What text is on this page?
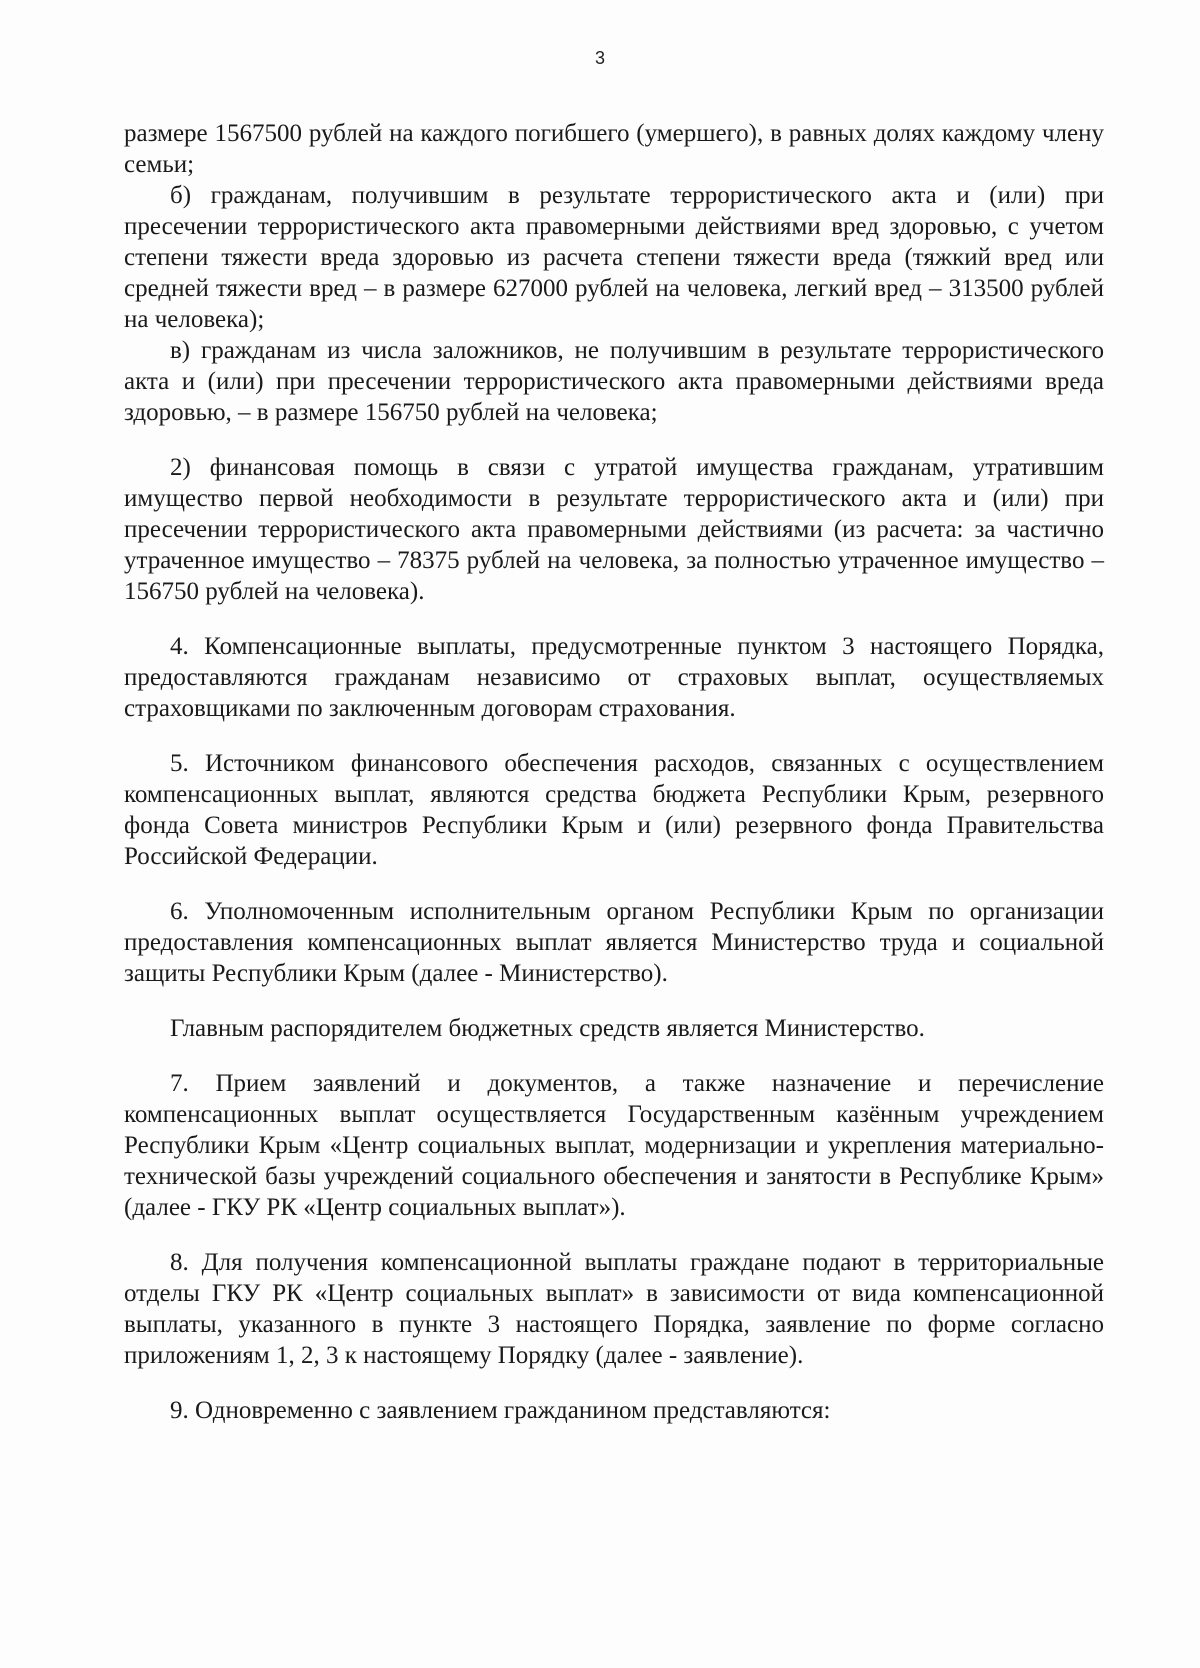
3

размере 1567500 рублей на каждого погибшего (умершего), в равных долях каждому члену семьи;

б) гражданам, получившим в результате террористического акта и (или) при пресечении террористического акта правомерными действиями вред здоровью, с учетом степени тяжести вреда здоровью из расчета степени тяжести вреда (тяжкий вред или средней тяжести вред – в размере 627000 рублей на человека, легкий вред – 313500 рублей на человека);

в) гражданам из числа заложников, не получившим в результате террористического акта и (или) при пресечении террористического акта правомерными действиями вреда здоровью, – в размере 156750 рублей на человека;

2) финансовая помощь в связи с утратой имущества гражданам, утратившим имущество первой необходимости в результате террористического акта и (или) при пресечении террористического акта правомерными действиями (из расчета: за частично утраченное имущество – 78375 рублей на человека, за полностью утраченное имущество – 156750 рублей на человека).

4. Компенсационные выплаты, предусмотренные пунктом 3 настоящего Порядка, предоставляются гражданам независимо от страховых выплат, осуществляемых страховщиками по заключенным договорам страхования.

5. Источником финансового обеспечения расходов, связанных с осуществлением компенсационных выплат, являются средства бюджета Республики Крым, резервного фонда Совета министров Республики Крым и (или) резервного фонда Правительства Российской Федерации.

6. Уполномоченным исполнительным органом Республики Крым по организации предоставления компенсационных выплат является Министерство труда и социальной защиты Республики Крым (далее - Министерство).

Главным распорядителем бюджетных средств является Министерство.

7. Прием заявлений и документов, а также назначение и перечисление компенсационных выплат осуществляется Государственным казённым учреждением Республики Крым «Центр социальных выплат, модернизации и укрепления материально-технической базы учреждений социального обеспечения и занятости в Республике Крым» (далее - ГКУ РК «Центр социальных выплат»).

8. Для получения компенсационной выплаты граждане подают в территориальные отделы ГКУ РК «Центр социальных выплат» в зависимости от вида компенсационной выплаты, указанного в пункте 3 настоящего Порядка, заявление по форме согласно приложениям 1, 2, 3 к настоящему Порядку (далее - заявление).

9. Одновременно с заявлением гражданином представляются:
